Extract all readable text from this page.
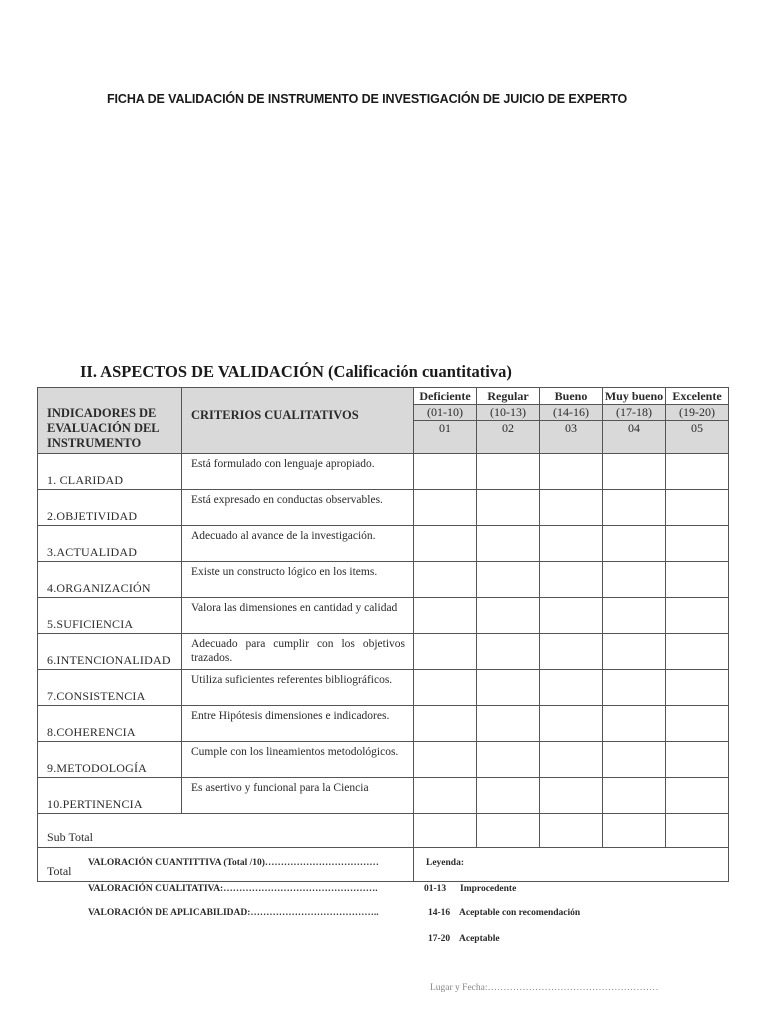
FICHA DE VALIDACIÓN DE INSTRUMENTO DE INVESTIGACIÓN DE JUICIO DE EXPERTO
II. ASPECTOS DE VALIDACIÓN (Calificación cuantitativa)
INDICADORES DE EVALUACIÓN DEL INSTRUMENTO	CRITERIOS CUALITATIVOS	Deficiente	Regular	Bueno	Muy bueno	Excelente
		(01-10)	(10-13)	(14-16)	(17-18)	(19-20)
		01	02	03	04	05
1. CLARIDAD	Está formulado con lenguaje apropiado.					
2.OBJETIVIDAD	Está expresado en conductas observables.					
3.ACTUALIDAD	Adecuado al avance de la investigación.					
4.ORGANIZACIÓN	Existe un constructo lógico en los items.					
5.SUFICIENCIA	Valora las dimensiones en cantidad y calidad					
6.INTENCIONALIDAD	Adecuado para cumplir con los objetivos trazados.					
7.CONSISTENCIA	Utiliza suficientes referentes bibliográficos.					
8.COHERENCIA	Entre Hipótesis dimensiones e indicadores.					
9.METODOLOGÍA	Cumple con los lineamientos metodológicos.					
10.PERTINENCIA	Es asertivo y funcional para la Ciencia					
Sub Total						
Total						
VALORACIÓN CUANTITTIVA (Total /10)………………………………
VALORACIÓN CUALITATIVA:………………………………………….
VALORACIÓN DE APLICABILIDAD:…………………………………..
Leyenda:
01-13 Improcedente
14-16 Aceptable con recomendación
17-20 Aceptable
Lugar y Fecha:………………………………………………
